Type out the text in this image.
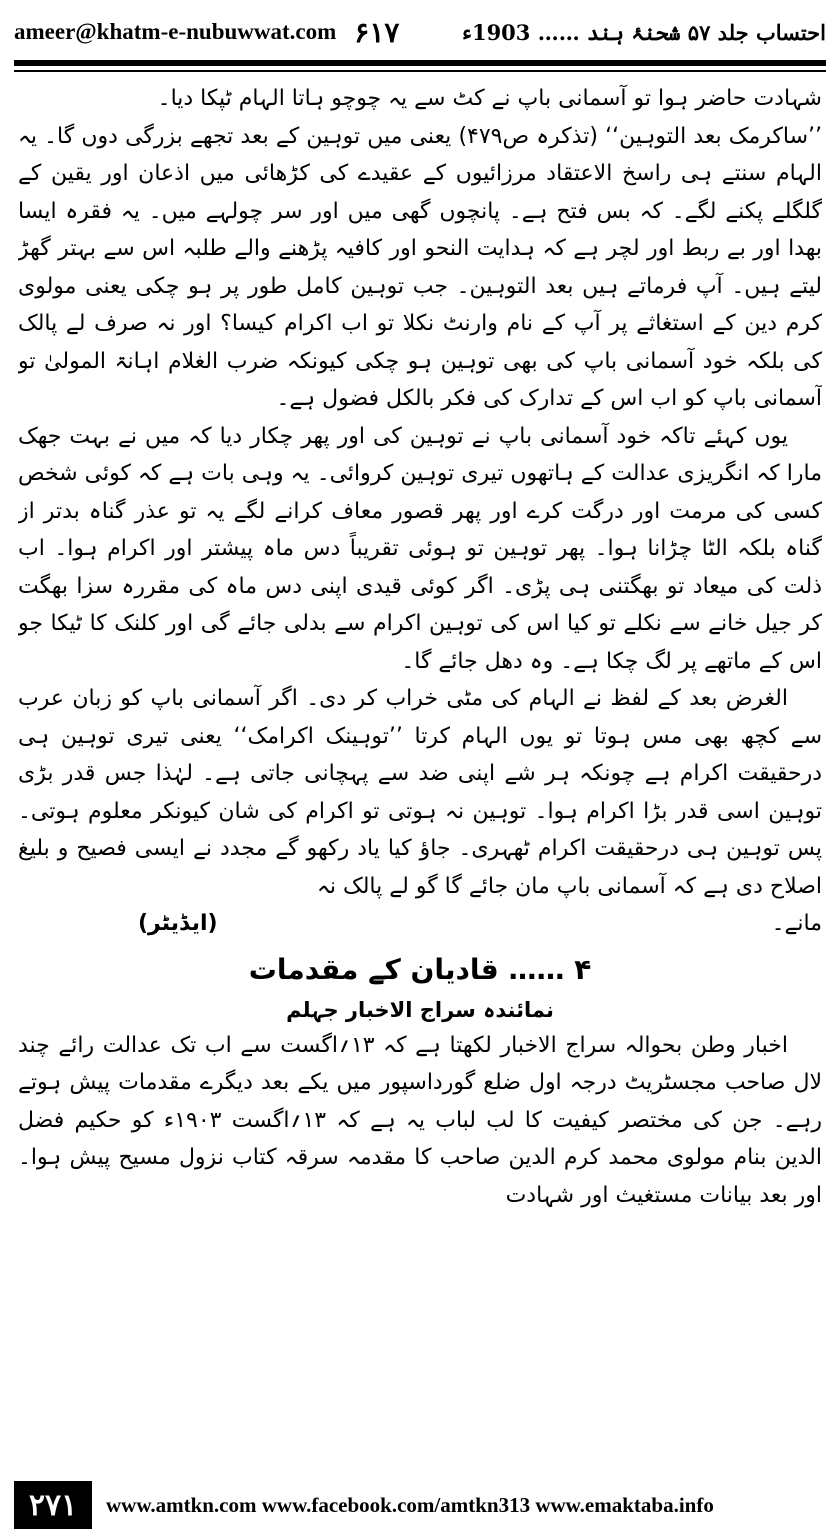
ameer@khatm-e-nubuwwat.com ۶۱۷	احتساب جلد ۵۷ شحنۂ ہند …… 1903ء

شہادت حاضر ہوا تو آسمانی باپ نے کٹ سے یہ چوچو ہاتا الہام ٹپکا دیا۔

’’ساکرمک بعد التوہین‘‘ (تذکرہ ص۴۷۹) یعنی میں توہین کے بعد تجھے بزرگی دوں گا۔ یہ الہام سنتے ہی راسخ الاعتقاد مرزائیوں کے عقیدے کی کڑھائی میں اذعان اور یقین کے گلگلے پکنے لگے۔ کہ بس فتح ہے۔ پانچوں گھی میں اور سر چولہے میں۔ یہ فقرہ ایسا بھدا اور بے ربط اور لچر ہے کہ ہدایت النحو اور کافیہ پڑھنے والے طلبہ اس سے بہتر گھڑ لیتے ہیں۔ آپ فرماتے ہیں بعد التوہین۔ جب توہین کامل طور پر ہو چکی یعنی مولوی کرم دین کے استغاثے پر آپ کے نام وارنٹ نکلا تو اب اکرام کیسا؟ اور نہ صرف لے پالک کی بلکہ خود آسمانی باپ کی بھی توہین ہو چکی کیونکہ ضرب الغلام اہانۃ المولیٰ تو آسمانی باپ کو اب اس کے تدارک کی فکر بالکل فضول ہے۔

یوں کہئے تاکہ خود آسمانی باپ نے توہین کی اور پھر چکار دیا کہ میں نے بہت جھک مارا کہ انگریزی عدالت کے ہاتھوں تیری توہین کروائی۔ یہ وہی بات ہے کہ کوئی شخص کسی کی مرمت اور درگت کرے اور پھر قصور معاف کرانے لگے یہ تو عذر گناہ بدتر از گناہ بلکہ الٹا چڑانا ہوا۔ پھر توہین تو ہوئی تقریباً دس ماہ پیشتر اور اکرام ہوا۔ اب ذلت کی میعاد تو بھگتنی ہی پڑی۔ اگر کوئی قیدی اپنی دس ماہ کی مقررہ سزا بھگت کر جیل خانے سے نکلے تو کیا اس کی توہین اکرام سے بدلی جائے گی اور کلنک کا ٹیکا جو اس کے ماتھے پر لگ چکا ہے۔ وہ دھل جائے گا۔

الغرض بعد کے لفظ نے الہام کی مٹی خراب کر دی۔ اگر آسمانی باپ کو زبان عرب سے کچھ بھی مس ہوتا تو یوں الہام کرتا ’’توہینک اکرامک‘‘ یعنی تیری توہین ہی درحقیقت اکرام ہے چونکہ ہر شے اپنی ضد سے پہچانی جاتی ہے۔ لہٰذا جس قدر بڑی توہین اسی قدر بڑا اکرام ہوا۔ توہین نہ ہوتی تو اکرام کی شان کیونکر معلوم ہوتی۔ پس توہین ہی درحقیقت اکرام ٹھہری۔ جاؤ کیا یاد رکھو گے مجدد نے ایسی فصیح و بلیغ اصلاح دی ہے کہ آسمانی باپ مان جائے گا گو لے پالک نہ

مانے۔
(ایڈیٹر)
۴ …… قادیان کے مقدمات
نمائندہ سراج الاخبار جہلم

اخبار وطن بحوالہ سراج الاخبار لکھتا ہے کہ ۱۳؍اگست سے اب تک عدالت رائے چند لال صاحب مجسٹریٹ درجہ اول ضلع گورداسپور میں یکے بعد دیگرے مقدمات پیش ہوتے رہے۔ جن کی مختصر کیفیت کا لب لباب یہ ہے کہ ۱۳؍اگست ۱۹۰۳ء کو حکیم فضل الدین بنام مولوی محمد کرم الدین صاحب کا مقدمہ سرقہ کتاب نزول مسیح پیش ہوا۔ اور بعد بیانات مستغیث اور شہادت

۲۷۱	www.amtkn.com www.facebook.com/amtkn313 www.emaktaba.info
